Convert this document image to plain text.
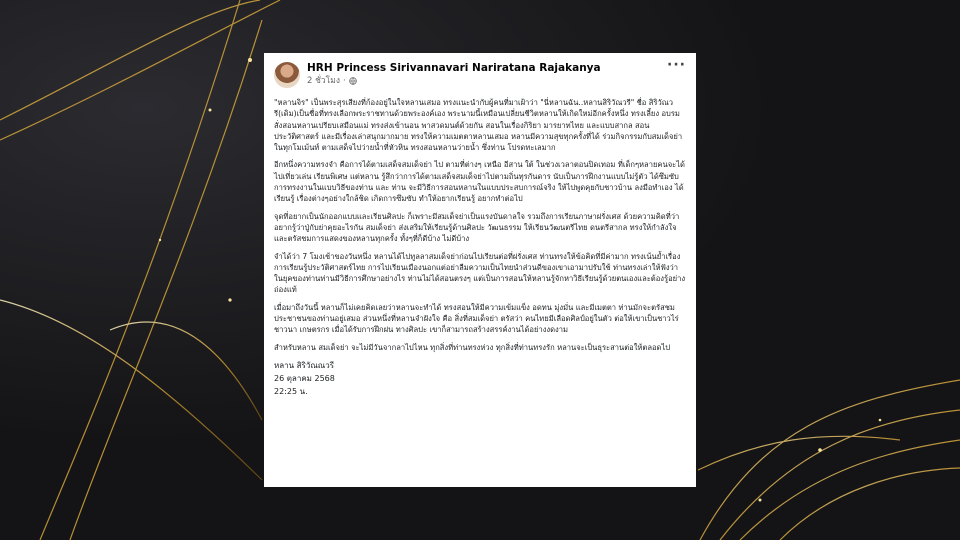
HRH Princess Sirivannavari Nariratana Rajakanya
2 ชั่วโมง ·
···

"หลานจิร" เป็นพระสุรเสียงที่ก้องอยู่ในใจหลานเสมอ ทรงแนะนำกับผู้คนที่มาเฝ้าว่า "นี่หลานฉัน..หลานสิริวัณวรี" ชื่อ สิริวัณวรี(เดิม)เป็นชื่อที่ทรงเลือกพระราชทานด้วยพระองค์เอง พระนามนี้เหมือนเปลี่ยนชีวิตหลานให้เกิดใหม่อีกครั้งหนึ่ง ทรงเลี้ยง อบรม สั่งสอนหลานเปรียบเสมือนแม่ ทรงส่งเข้านอน พาสวดมนต์ด้วยกัน สอนในเรื่องกิริยา มารยาทไทย และแบบสากล สอนประวัติศาสตร์ และมีเรื่องเล่าสนุกมากมาย ทรงให้ความเมตตาหลานเสมอ หลานมีความสุขทุกครั้งที่ได้ ร่วมกิจกรรมกับสมเด็จย่า ในทุกโมเม้นท์ ตามเสด็จไปว่ายน้ำที่หัวหิน ทรงสอนหลานว่ายน้ำ ซึ่งท่าน โปรดทะเลมาก

อีกหนึ่งความทรงจำ คือการได้ตามเสด็จสมเด็จย่า ไป ตามที่ต่างๆ เหนือ อีสาน ใต้ ในช่วงเวลาตอนปิดเทอม ที่เด็กๆหลายคนจะได้ไปเที่ยวเล่น เรียนพิเศษ แต่หลาน รู้สึกว่าการได้ตามเสด็จสมเด็จย่าไปตามถิ่นทุรกันดาร นับเป็นการฝึกงานแบบไม่รู้ตัว ได้ซึมซับการทรงงานในแบบวิธีของท่าน และ ท่าน จะมีวิธีการสอนหลานในแบบประสบการณ์จริง ให้ไปพูดคุยกับชาวบ้าน ลงมือทำเอง ได้เรียนรู้ เรื่องต่างๆอย่างใกล้ชิด เกิดการซึมซับ ทำให้อยากเรียนรู้ อยากทำต่อไป

จุดที่อยากเป็นนักออกแบบและเรียนศิลปะ ก็เพราะมีสมเด็จย่าเป็นแรงบันดาลใจ รวมถึงการเรียนภาษาฝรั่งเศส ด้วยความคิดที่ว่าอยากรู้ว่าปู่กับย่าคุยอะไรกัน สมเด็จย่า ส่งเสริมให้เรียนรู้ด้านศิลปะ วัฒนธรรม ให้เรียนวัฒนตรีไทย ดนตรีสากล ทรงให้กำลังใจและตรัสชมการแสดงของหลานทุกครั้ง ทั้งๆที่ก็ดีบ้าง ไม่ดีบ้าง

จำได้ว่า 7 โมงเช้าของวันหนึ่ง หลานได้ไปทูลลาสมเด็จย่าก่อนไปเรียนต่อที่ฝรั่งเศส ท่านทรงให้ข้อคิดที่มีค่ามาก ทรงเน้นย้ำเรื่องการเรียนรู้ประวัติศาสตร์ไทย การไปเรียนเมืองนอกแต่อย่าลืมความเป็นไทยนำส่วนดีของเขาเอามาปรับใช้ ท่านทรงเล่าให้ฟังว่าในยุคของท่านท่านมีวิธีการศึกษาอย่างไร ท่านไม่ได้สอนตรงๆ แต่เป็นการสอนให้หลานรู้จักหาวิธีเรียนรู้ด้วยตนเองและต้องรู้อย่างถ่องแท้

เมื่อมาถึงวันนี้ หลานก็ไม่เคยคิดเลยว่าหลานจะทำได้ ทรงสอนให้มีความเข้มแข็ง อดทน มุ่งมั่น และมีเมตตา ท่านมักจะตรัสชมประชาชนของท่านอยู่เสมอ ส่วนหนึ่งที่หลานจำฝังใจ คือ สิ่งที่สมเด็จย่า ตรัสว่า คนไทยมีเลือดศิลป์อยู่ในตัว ต่อให้เขาเป็นชาวไร่ ชาวนา เกษตรกร เมื่อได้รับการฝึกฝน ทางศิลปะ เขาก็สามารถสร้างสรรค์งานได้อย่างงดงาม

สำหรับหลาน สมเด็จย่า จะไม่มีวันจากลาไปไหน ทุกสิ่งที่ท่านทรงห่วง ทุกสิ่งที่ท่านทรงรัก หลานจะเป็นธุระสานต่อให้ตลอดไป

หลาน สิริวัณณวรี
26 ตุลาคม 2568
22:25 น.
